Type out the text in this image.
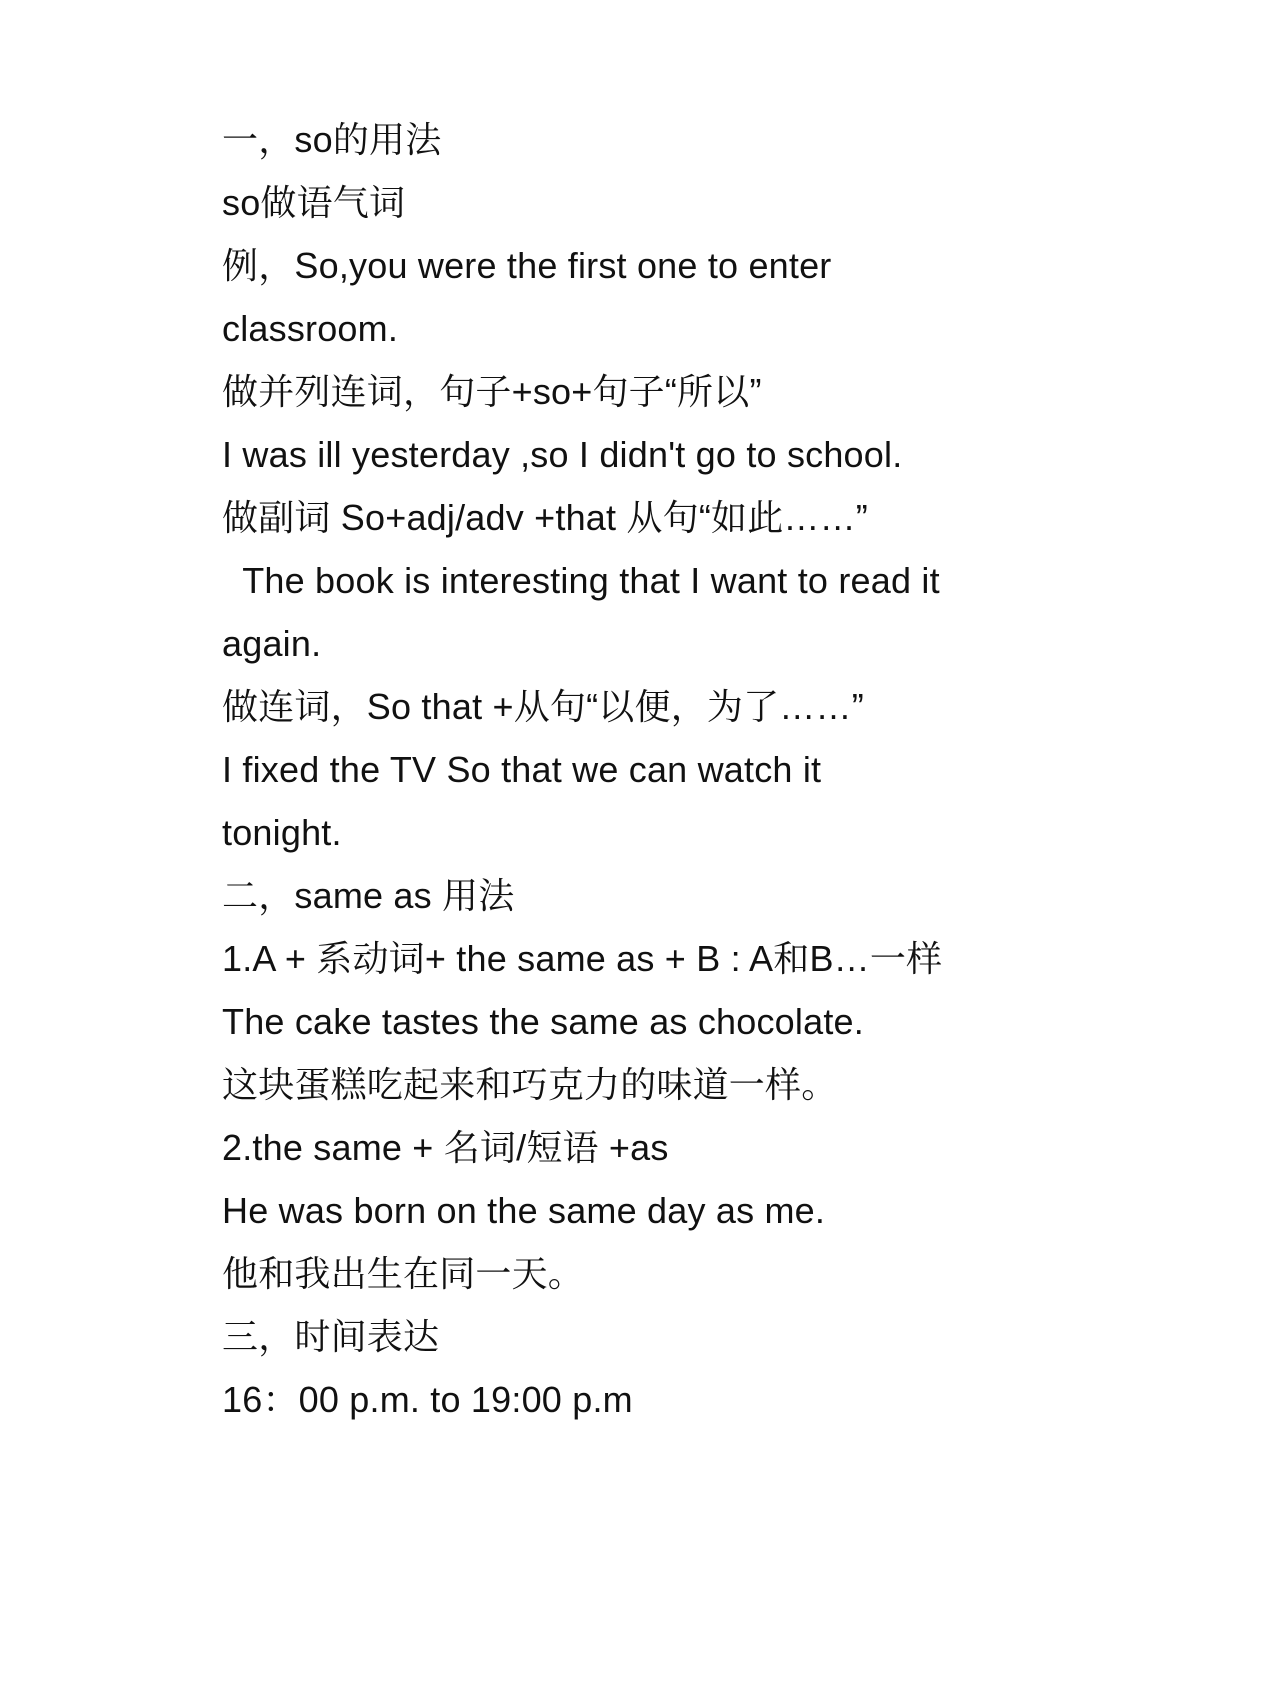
一，so的用法
so做语气词
例，So,you were the first one to enter
classroom.
做并列连词，句子+so+句子“所以”
I was ill yesterday ,so I didn't go to school.
做副词 So+adj/adv +that 从句“如此……”
The book is interesting that I want to read it
again.
做连词，So that +从句“以便，为了……”
I fixed the TV So that we can watch it
tonight.
二，same as 用法
1.A + 系动词+ the same as + B : A和B…一样
The cake tastes the same as chocolate.
这块蛋糕吃起来和巧克力的味道一样。
2.the same + 名词/短语 +as
He was born on the same day as me.
他和我出生在同一天。
三，时间表达
16：00 p.m. to 19:00 p.m
